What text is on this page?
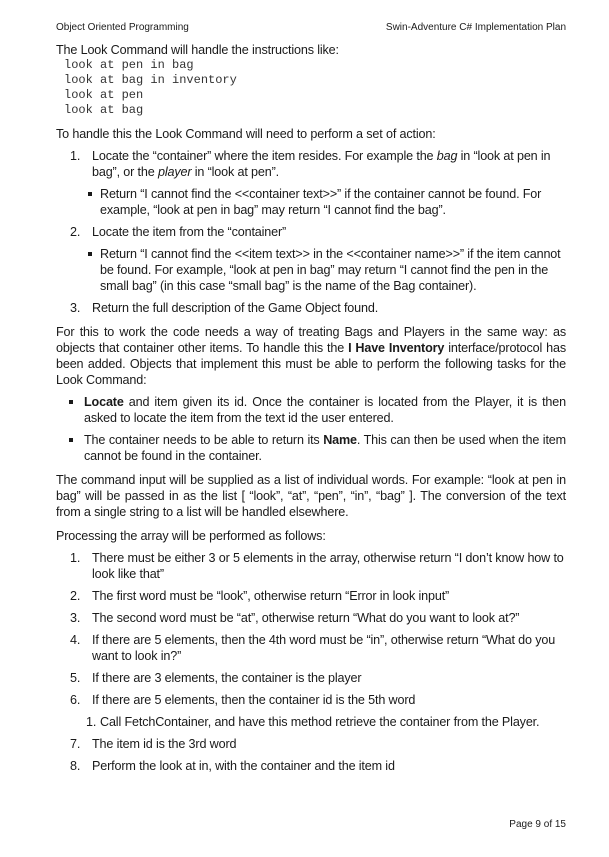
Object Oriented Programming	Swin-Adventure C# Implementation Plan

The Look Command will handle the instructions like:

look at pen in bag
look at bag in inventory
look at pen
look at bag

To handle this the Look Command will need to perform a set of action:

1. Locate the “container” where the item resides. For example the bag in “look at pen in bag”, or the player in “look at pen”.
Return “I cannot find the <<container text>>” if the container cannot be found. For example, “look at pen in bag” may return “I cannot find the bag”.
2. Locate the item from the “container”
Return “I cannot find the <<item text>> in the <<container name>>” if the item cannot be found. For example, “look at pen in bag” may return “I cannot find the pen in the small bag” (in this case “small bag” is the name of the Bag container).
3. Return the full description of the Game Object found.

For this to work the code needs a way of treating Bags and Players in the same way: as objects that container other items. To handle this the I Have Inventory interface/protocol has been added. Objects that implement this must be able to perform the following tasks for the Look Command:

Locate and item given its id. Once the container is located from the Player, it is then asked to locate the item from the text id the user entered.
The container needs to be able to return its Name. This can then be used when the item cannot be found in the container.

The command input will be supplied as a list of individual words. For example: “look at pen in bag” will be passed in as the list [ “look”, “at”, “pen”, “in”, “bag” ]. The conversion of the text from a single string to a list will be handled elsewhere.

Processing the array will be performed as follows:

1. There must be either 3 or 5 elements in the array, otherwise return “I don’t know how to look like that”
2. The first word must be “look”, otherwise return “Error in look input”
3. The second word must be “at”, otherwise return “What do you want to look at?”
4. If there are 5 elements, then the 4th word must be “in”, otherwise return “What do you want to look in?”
5. If there are 3 elements, the container is the player
6. If there are 5 elements, then the container id is the 5th word
1. Call FetchContainer, and have this method retrieve the container from the Player.
7. The item id is the 3rd word
8. Perform the look at in, with the container and the item id
Page 9 of 15
